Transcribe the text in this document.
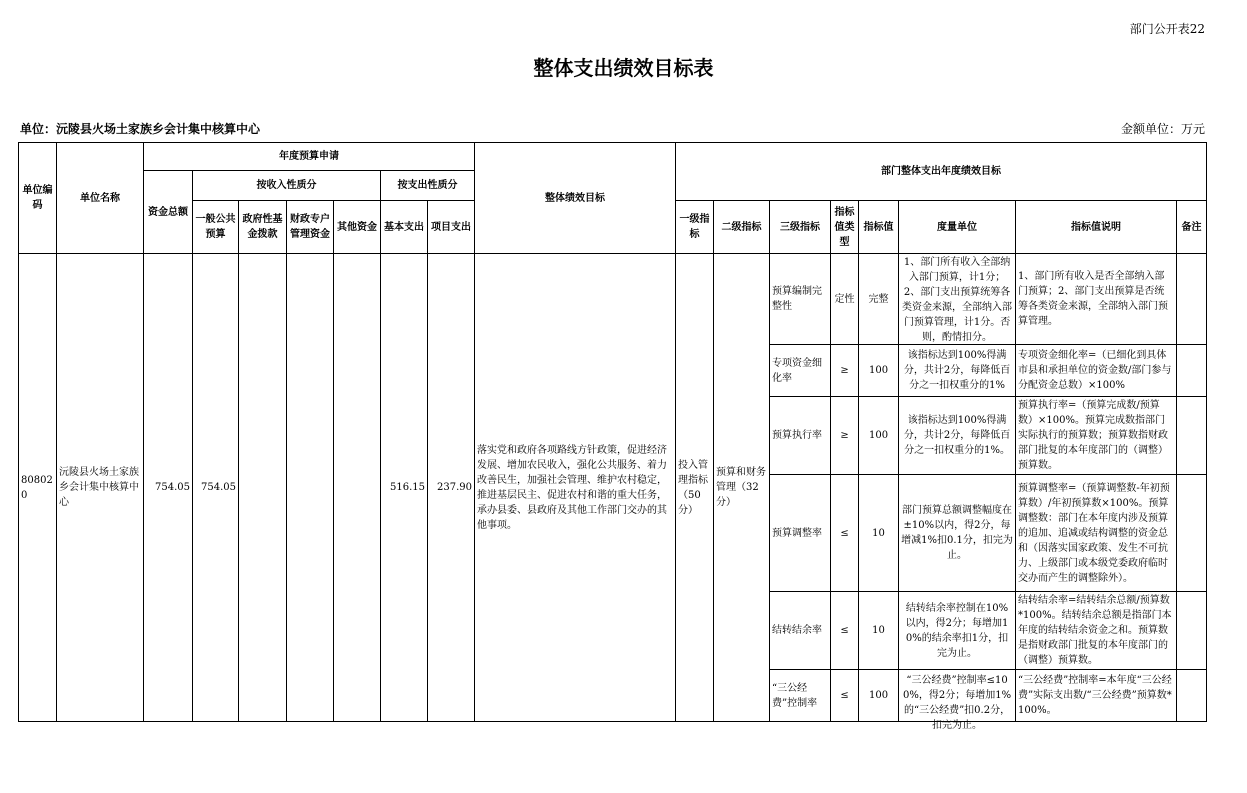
部门公开表22
整体支出绩效目标表
单位：沅陵县火场土家族乡会计集中核算中心	金额单位：万元
单位编码	单位名称	年度预算申请							整体绩效目标	部门整体支出年度绩效目标							
		资金总额	按收入性质分				按支出性质分										
			一般公共预算	政府性基金拨款	财政专户管理资金	其他资金	基本支出	项目支出		一级指标	二级指标	三级指标	指标值类型	指标值	度量单位	指标值说明	备注
808020	沅陵县火场土家族乡会计集中核算中心	754.05	754.05				516.15	237.90	落实党和政府各项路线方针政策，促进经济发展、增加农民收入，强化公共服务、着力改善民生，加强社会管理、维护农村稳定，推进基层民主、促进农村和谐的重大任务，承办县委、县政府及其他工作部门交办的其他事项。	投入管理指标（50分）	预算和财务管理（32分）	预算编制完整性	定性	完整	1、部门所有收入全部纳入部门预算，计1分；2、部门支出预算统筹各类资金来源，全部纳入部门预算管理，计1分。否则，酌情扣分。	1、部门所有收入是否全部纳入部门预算；2、部门支出预算是否统筹各类资金来源，全部纳入部门预算管理。	
												专项资金细化率	≥	100	该指标达到100%得满分，共计2分，每降低百分之一扣权重分的1%	专项资金细化率=（已细化到具体市县和承担单位的资金数/部门参与分配资金总数）×100%	
												预算执行率	≥	100	该指标达到100%得满分，共计2分，每降低百分之一扣权重分的1%。	预算执行率=（预算完成数/预算数）×100%。预算完成数指部门实际执行的预算数；预算数指财政部门批复的本年度部门的（调整）预算数。	
												预算调整率	≤	10	部门预算总额调整幅度在±10%以内，得2分，每增减1%扣0.1分，扣完为止。	预算调整率=（预算调整数-年初预算数）/年初预算数×100%。预算调整数：部门在本年度内涉及预算的追加、追减或结构调整的资金总和（因落实国家政策、发生不可抗力、上级部门或本级党委政府临时交办而产生的调整除外）。	
												结转结余率	≤	10	结转结余率控制在10%以内，得2分；每增加10%的结余率扣1分，扣完为止。	结转结余率=结转结余总额/预算数*100%。结转结余总额是指部门本年度的结转结余资金之和。预算数是指财政部门批复的本年度部门的（调整）预算数。	
												“三公经费”控制率	≤	100	“三公经费”控制率≤100%，得2分；每增加1%的“三公经费”扣0.2分，扣完为止。	“三公经费”控制率=本年度“三公经费”实际支出数/“三公经费”预算数*100%。	
